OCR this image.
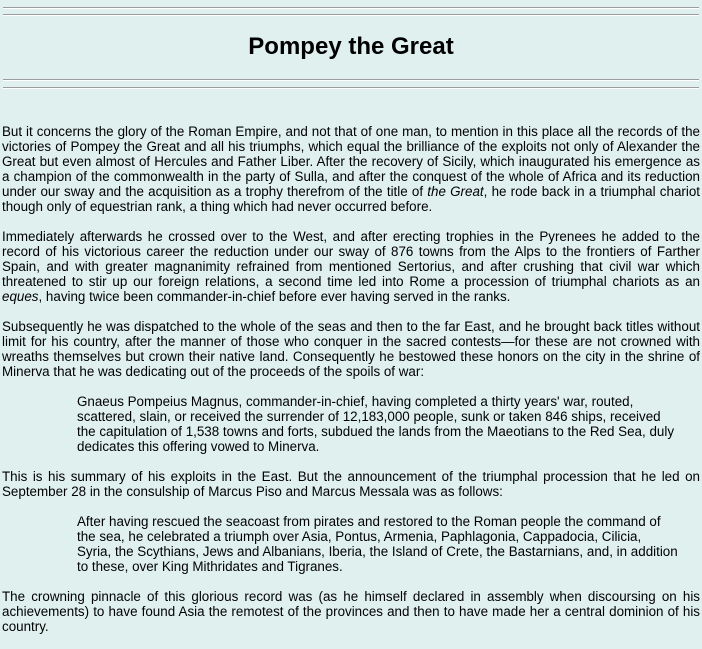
Pompey the Great

But it concerns the glory of the Roman Empire, and not that of one man, to mention in this place all the records of the victories of Pompey the Great and all his triumphs, which equal the brilliance of the exploits not only of Alexander the Great but even almost of Hercules and Father Liber. After the recovery of Sicily, which inaugurated his emergence as a champion of the commonwealth in the party of Sulla, and after the conquest of the whole of Africa and its reduction under our sway and the acquisition as a trophy therefrom of the title of the Great, he rode back in a triumphal chariot though only of equestrian rank, a thing which had never occurred before.

Immediately afterwards he crossed over to the West, and after erecting trophies in the Pyrenees he added to the record of his victorious career the reduction under our sway of 876 towns from the Alps to the frontiers of Farther Spain, and with greater magnanimity refrained from mentioned Sertorius, and after crushing that civil war which threatened to stir up our foreign relations, a second time led into Rome a procession of triumphal chariots as an eques, having twice been commander-in-chief before ever having served in the ranks.

Subsequently he was dispatched to the whole of the seas and then to the far East, and he brought back titles without limit for his country, after the manner of those who conquer in the sacred contests—for these are not crowned with wreaths themselves but crown their native land. Consequently he bestowed these honors on the city in the shrine of Minerva that he was dedicating out of the proceeds of the spoils of war:

Gnaeus Pompeius Magnus, commander-in-chief, having completed a thirty years' war, routed, scattered, slain, or received the surrender of 12,183,000 people, sunk or taken 846 ships, received the capitulation of 1,538 towns and forts, subdued the lands from the Maeotians to the Red Sea, duly dedicates this offering vowed to Minerva.

This is his summary of his exploits in the East. But the announcement of the triumphal procession that he led on September 28 in the consulship of Marcus Piso and Marcus Messala was as follows:

After having rescued the seacoast from pirates and restored to the Roman people the command of the sea, he celebrated a triumph over Asia, Pontus, Armenia, Paphlagonia, Cappadocia, Cilicia, Syria, the Scythians, Jews and Albanians, Iberia, the Island of Crete, the Bastarnians, and, in addition to these, over King Mithridates and Tigranes.

The crowning pinnacle of this glorious record was (as he himself declared in assembly when discoursing on his achievements) to have found Asia the remotest of the provinces and then to have made her a central dominion of his country.
